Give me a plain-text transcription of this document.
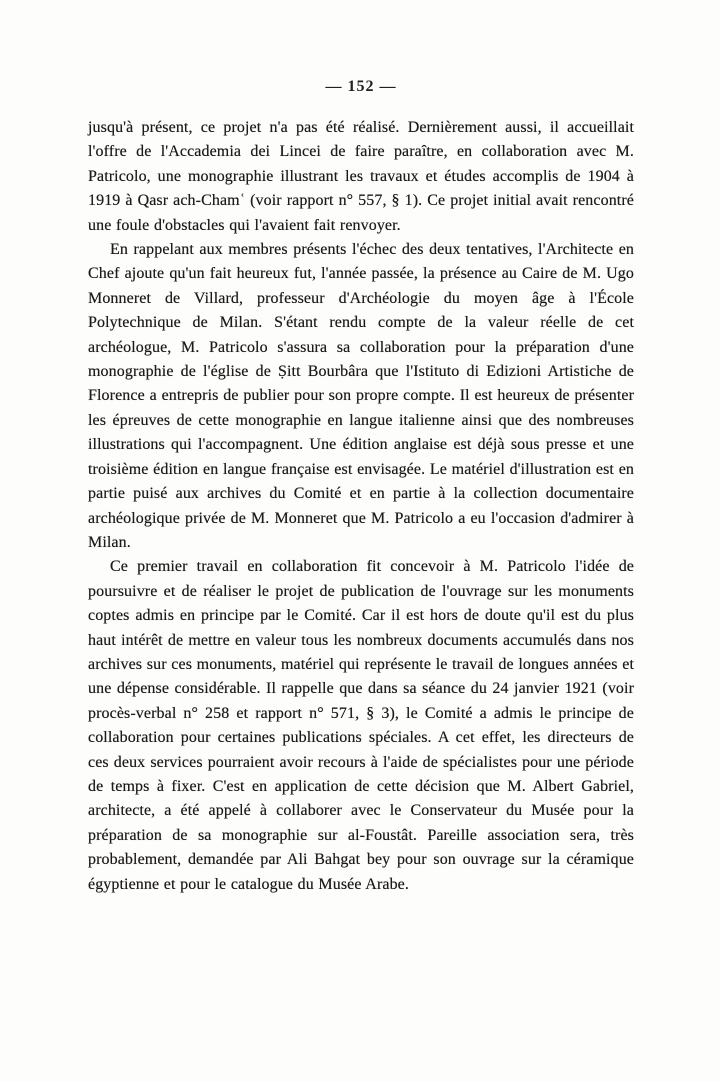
— 152 —

jusqu'à présent, ce projet n'a pas été réalisé. Dernièrement aussi, il accueillait l'offre de l'Accademia dei Lincei de faire paraître, en collaboration avec M. Patricolo, une monographie illustrant les travaux et études accomplis de 1904 à 1919 à Qasr ach-Chamʿ (voir rapport n° 557, § 1). Ce projet initial avait rencontré une foule d'obstacles qui l'avaient fait renvoyer.

En rappelant aux membres présents l'échec des deux tentatives, l'Architecte en Chef ajoute qu'un fait heureux fut, l'année passée, la présence au Caire de M. Ugo Monneret de Villard, professeur d'Archéologie du moyen âge à l'École Polytechnique de Milan. S'étant rendu compte de la valeur réelle de cet archéologue, M. Patricolo s'assura sa collaboration pour la préparation d'une monographie de l'église de Ṣitt Bourbâra que l'Istituto di Edizioni Artistiche de Florence a entrepris de publier pour son propre compte. Il est heureux de présenter les épreuves de cette monographie en langue italienne ainsi que des nombreuses illustrations qui l'accompagnent. Une édition anglaise est déjà sous presse et une troisième édition en langue française est envisagée. Le matériel d'illustration est en partie puisé aux archives du Comité et en partie à la collection documentaire archéologique privée de M. Monneret que M. Patricolo a eu l'occasion d'admirer à Milan.

Ce premier travail en collaboration fit concevoir à M. Patricolo l'idée de poursuivre et de réaliser le projet de publication de l'ouvrage sur les monuments coptes admis en principe par le Comité. Car il est hors de doute qu'il est du plus haut intérêt de mettre en valeur tous les nombreux documents accumulés dans nos archives sur ces monuments, matériel qui représente le travail de longues années et une dépense considérable. Il rappelle que dans sa séance du 24 janvier 1921 (voir procès-verbal n° 258 et rapport n° 571, § 3), le Comité a admis le principe de collaboration pour certaines publications spéciales. A cet effet, les directeurs de ces deux services pourraient avoir recours à l'aide de spécialistes pour une période de temps à fixer. C'est en application de cette décision que M. Albert Gabriel, architecte, a été appelé à collaborer avec le Conservateur du Musée pour la préparation de sa monographie sur al-Foustât. Pareille association sera, très probablement, demandée par Ali Bahgat bey pour son ouvrage sur la céramique égyptienne et pour le catalogue du Musée Arabe.
